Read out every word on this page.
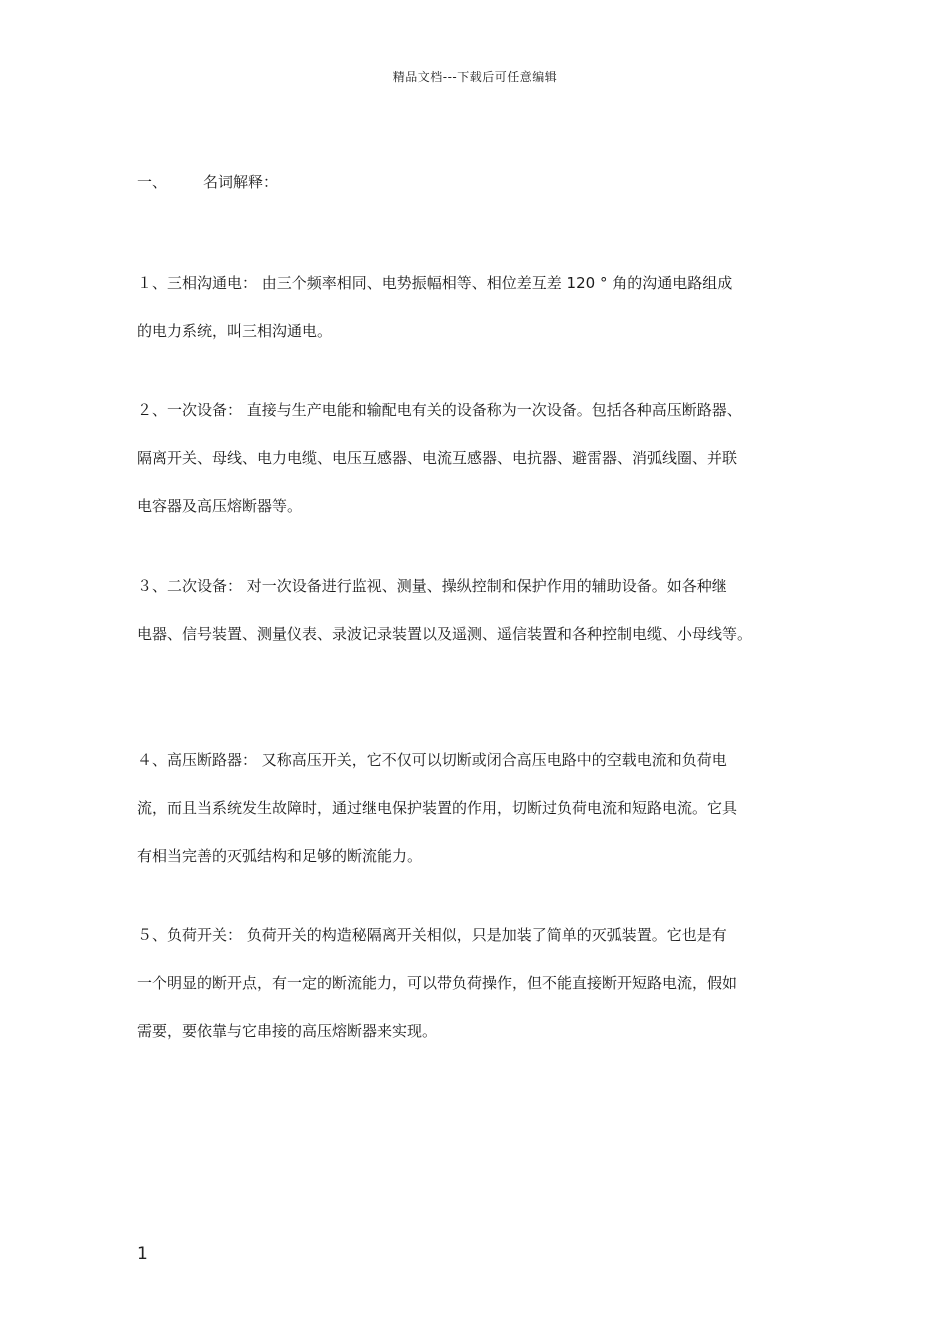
精品文档---下载后可任意编辑
一、 名词解释：
１、三相沟通电： 由三个频率相同、电势振幅相等、相位差互差 120 ° 角的沟通电路组成
的电力系统，叫三相沟通电。
２、一次设备： 直接与生产电能和输配电有关的设备称为一次设备。包括各种高压断路器、
隔离开关、母线、电力电缆、电压互感器、电流互感器、电抗器、避雷器、消弧线圈、并联
电容器及高压熔断器等。
３、二次设备： 对一次设备进行监视、测量、操纵控制和保护作用的辅助设备。如各种继
电器、信号装置、测量仪表、录波记录装置以及遥测、遥信装置和各种控制电缆、小母线等。
４、高压断路器： 又称高压开关，它不仅可以切断或闭合高压电路中的空载电流和负荷电
流，而且当系统发生故障时，通过继电保护装置的作用，切断过负荷电流和短路电流。它具
有相当完善的灭弧结构和足够的断流能力。
５、负荷开关： 负荷开关的构造秘隔离开关相似，只是加装了简单的灭弧装置。它也是有
一个明显的断开点，有一定的断流能力，可以带负荷操作，但不能直接断开短路电流，假如
需要，要依靠与它串接的高压熔断器来实现。
1
